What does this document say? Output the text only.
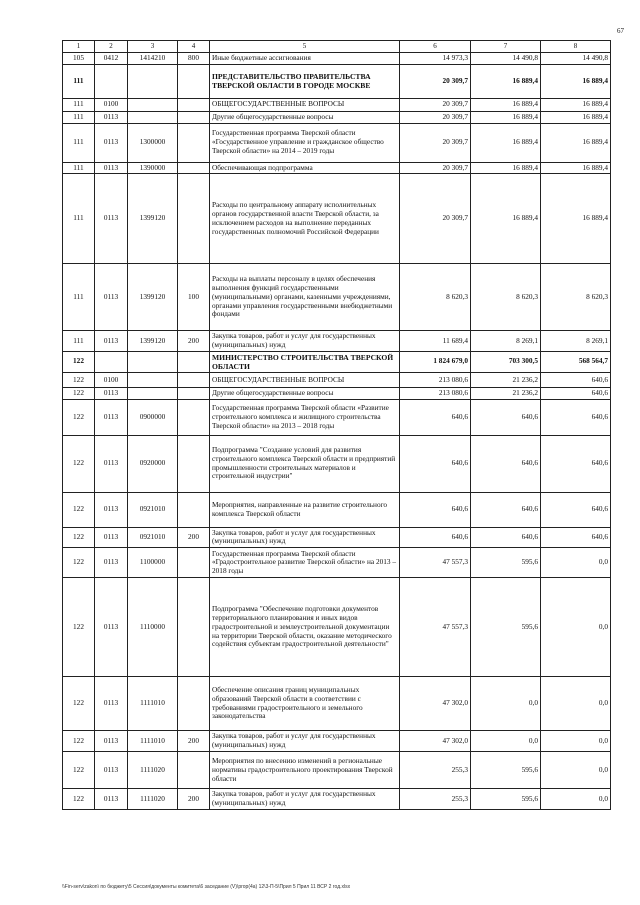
67
1	2	3	4	5	6	7	8
105	0412	1414210	800	Иные бюджетные ассигнования	14 973,3	14 490,8	14 490,8
111				ПРЕДСТАВИТЕЛЬСТВО ПРАВИТЕЛЬСТВА ТВЕРСКОЙ ОБЛАСТИ В ГОРОДЕ МОСКВЕ	20 309,7	16 889,4	16 889,4
111	0100			ОБЩЕГОСУДАРСТВЕННЫЕ ВОПРОСЫ	20 309,7	16 889,4	16 889,4
111	0113			Другие общегосударственные вопросы	20 309,7	16 889,4	16 889,4
111	0113	1300000		Государственная программа Тверской области «Государственное управление и гражданское общество Тверской области» на 2014 – 2019 годы	20 309,7	16 889,4	16 889,4
111	0113	1390000		Обеспечивающая подпрограмма	20 309,7	16 889,4	16 889,4
111	0113	1399120		Расходы по центральному аппарату исполнительных органов государственной власти Тверской области, за исключением расходов на выполнение переданных государственных полномочий Российской Федерации	20 309,7	16 889,4	16 889,4
111	0113	1399120	100	Расходы на выплаты персоналу в целях обеспечения выполнения функций государственными (муниципальными) органами, казенными учреждениями, органами управления государственными внебюджетными фондами	8 620,3	8 620,3	8 620,3
111	0113	1399120	200	Закупка товаров, работ и услуг для государственных (муниципальных) нужд	11 689,4	8 269,1	8 269,1
122				МИНИСТЕРСТВО СТРОИТЕЛЬСТВА ТВЕРСКОЙ ОБЛАСТИ	1 824 679,0	703 300,5	568 564,7
122	0100			ОБЩЕГОСУДАРСТВЕННЫЕ ВОПРОСЫ	213 080,6	21 236,2	640,6
122	0113			Другие общегосударственные вопросы	213 080,6	21 236,2	640,6
122	0113	0900000		Государственная программа Тверской области «Развитие строительного комплекса и жилищного строительства Тверской области» на 2013 – 2018 годы	640,6	640,6	640,6
122	0113	0920000		Подпрограмма "Создание условий для развития строительного комплекса Тверской области и предприятий промышленности строительных материалов и строительной индустрии"	640,6	640,6	640,6
122	0113	0921010		Мероприятия, направленные на развитие строительного комплекса Тверской области	640,6	640,6	640,6
122	0113	0921010	200	Закупка товаров, работ и услуг для государственных (муниципальных) нужд	640,6	640,6	640,6
122	0113	1100000		Государственная программа Тверской области «Градостроительное развитие Тверской области» на 2013 – 2018 годы	47 557,3	595,6	0,0
122	0113	1110000		Подпрограмма "Обеспечение подготовки документов территориального планирования и иных видов градостроительной и землеустроительной документации на территории Тверской области, оказание методического содействия субъектам градостроительной деятельности"	47 557,3	595,6	0,0
122	0113	1111010		Обеспечение описания границ муниципальных образований Тверской области в соответствии с требованиями градостроительного и земельного законодательства	47 302,0	0,0	0,0
122	0113	1111010	200	Закупка товаров, работ и услуг для государственных (муниципальных) нужд	47 302,0	0,0	0,0
122	0113	1111020		Мероприятия по внесению изменений в региональные нормативы градостроительного проектирования Тверской области	255,3	595,6	0,0
122	0113	1111020	200	Закупка товаров, работ и услуг для государственных (муниципальных) нужд	255,3	595,6	0,0
\\Fin-serv\zakon\ по бюджету\5 Сессия\документы комитета\6 заседание (V)\prop(4a) 12\3-П-5\Прил 5 Прил 11 ВСР 2 год.xlsx
